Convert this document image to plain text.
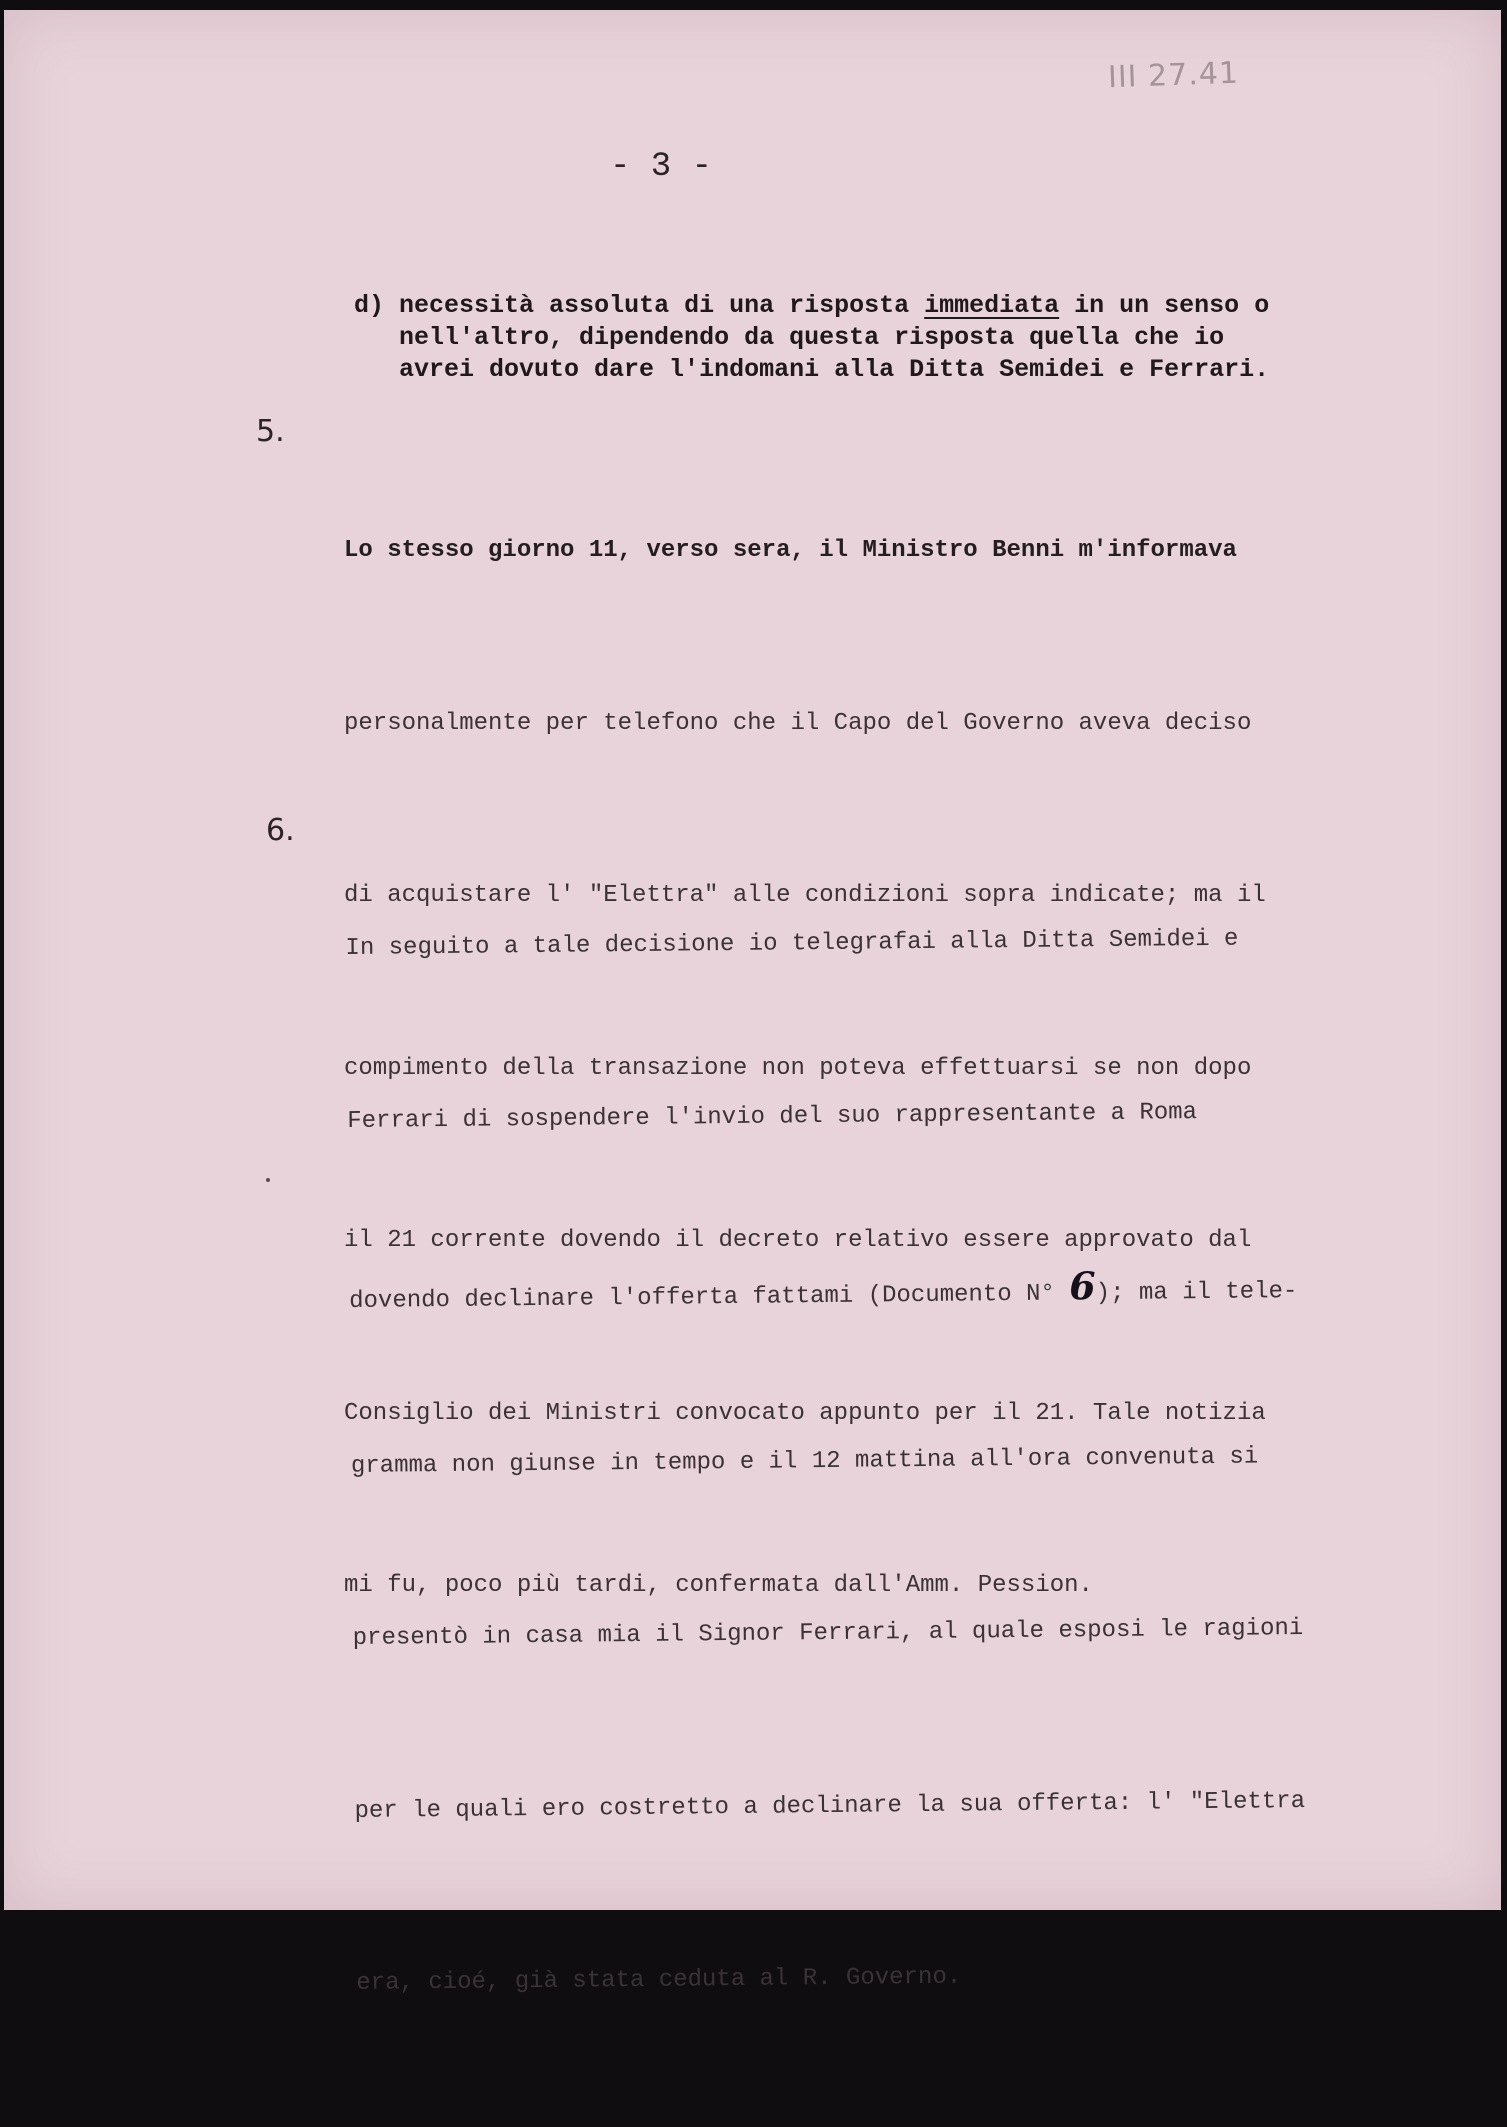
III 27.41
- 3 -
d) necessità assoluta di una risposta immediata in un senso o
nell'altro, dipendendo da questa risposta quella che io
avrei dovuto dare l'indomani alla Ditta Semidei e Ferrari.
5.

Lo stesso giorno 11, verso sera, il Ministro Benni m'informava

personalmente per telefono che il Capo del Governo aveva deciso

di acquistare l' "Elettra" alle condizioni sopra indicate; ma il

compimento della transazione non poteva effettuarsi se non dopo

il 21 corrente dovendo il decreto relativo essere approvato dal

Consiglio dei Ministri convocato appunto per il 21. Tale notizia

mi fu, poco più tardi, confermata dall'Amm. Pession.

6.

In seguito a tale decisione io telegrafai alla Ditta Semidei e

Ferrari di sospendere l'invio del suo rappresentante a Roma

dovendo declinare l'offerta fattami (Documento N° 6); ma il tele-

gramma non giunse in tempo e il 12 mattina all'ora convenuta si

presentò in casa mia il Signor Ferrari, al quale esposi le ragioni

per le quali ero costretto a declinare la sua offerta: l' "Elettra

era, cioé, già stata ceduta al R. Governo.
